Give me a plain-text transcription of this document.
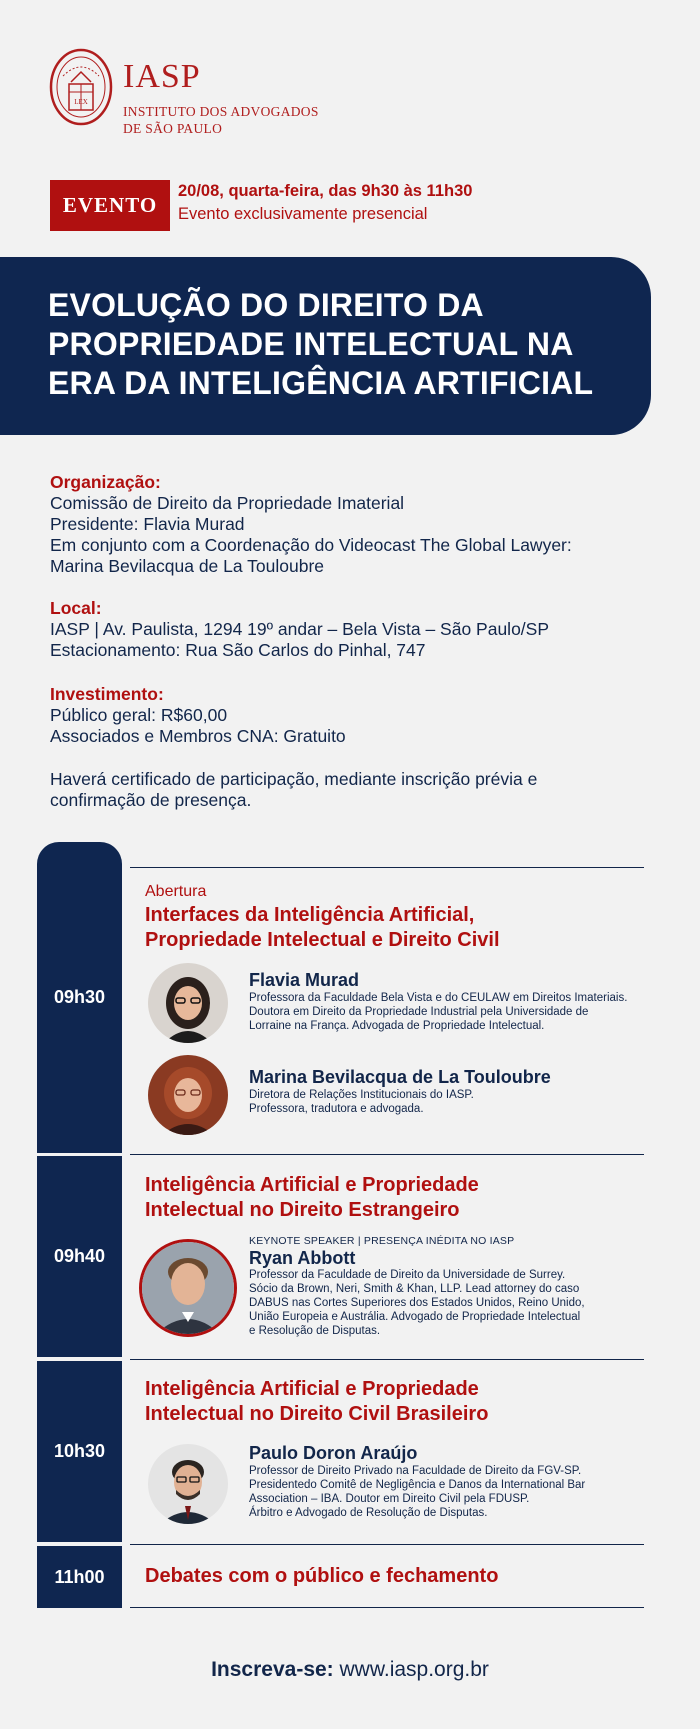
LEX
IASP
INSTITUTO DOS ADVOGADOS
DE SÃO PAULO
EVENTO
20/08, quarta-feira, das 9h30 às 11h30
Evento exclusivamente presencial
EVOLUÇÃO DO DIREITO DA
PROPRIEDADE INTELECTUAL NA
ERA DA INTELIGÊNCIA ARTIFICIAL
Organização:
Comissão de Direito da Propriedade Imaterial
Presidente: Flavia Murad
Em conjunto com a Coordenação do Videocast The Global Lawyer:
Marina Bevilacqua de La Touloubre
Local:
IASP | Av. Paulista, 1294 19º andar – Bela Vista – São Paulo/SP
Estacionamento: Rua São Carlos do Pinhal, 747
Investimento:
Público geral: R$60,00
Associados e Membros CNA: Gratuito
Haverá certificado de participação, mediante inscrição prévia e
confirmação de presença.
09h30
Abertura
Interfaces da Inteligência Artificial,
Propriedade Intelectual e Direito Civil
Flavia Murad
Professora da Faculdade Bela Vista e do CEULAW em Direitos Imateriais.
Doutora em Direito da Propriedade Industrial pela Universidade de
Lorraine na França. Advogada de Propriedade Intelectual.
Marina Bevilacqua de La Touloubre
Diretora de Relações Institucionais do IASP.
Professora, tradutora e advogada.
09h40
Inteligência Artificial e Propriedade
Intelectual no Direito Estrangeiro
KEYNOTE SPEAKER | PRESENÇA INÉDITA NO IASP
Ryan Abbott
Professor da Faculdade de Direito da Universidade de Surrey.
Sócio da Brown, Neri, Smith & Khan, LLP. Lead attorney do caso
DABUS nas Cortes Superiores dos Estados Unidos, Reino Unido,
União Europeia e Austrália. Advogado de Propriedade Intelectual
e Resolução de Disputas.
10h30
Inteligência Artificial e Propriedade
Intelectual no Direito Civil Brasileiro
Paulo Doron Araújo
Professor de Direito Privado na Faculdade de Direito da FGV-SP.
Presidentedo Comitê de Negligência e Danos da International Bar
Association – IBA. Doutor em Direito Civil pela FDUSP.
Árbitro e Advogado de Resolução de Disputas.
11h00	Debates com o público e fechamento
Inscreva-se: www.iasp.org.br
